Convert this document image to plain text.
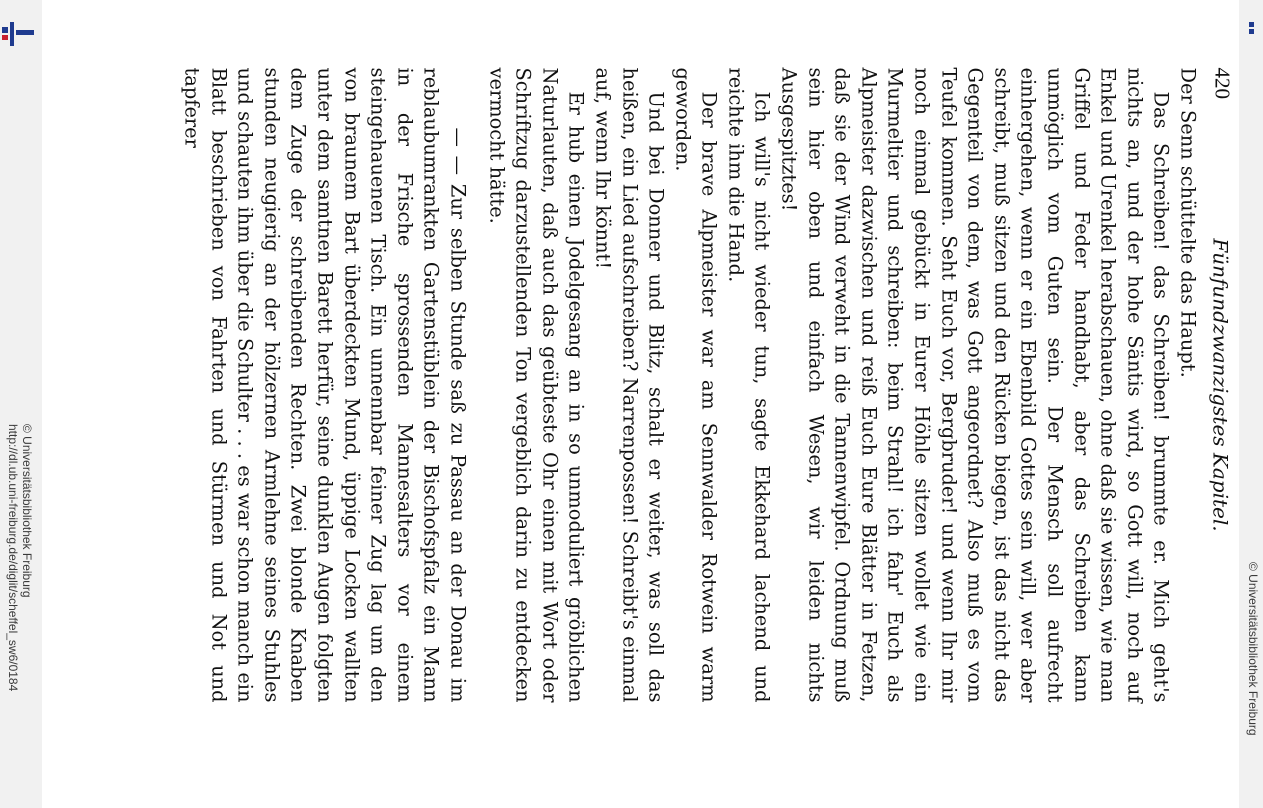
http://dl.ub.uni-freiburg.de/diglit/scheffel_sw6/0184 © Universitätsbibliothek Freiburg
© Universitätsbibliothek Freiburg
420
Fünfundzwanzigstes Kapitel.

Der Senn schüttelte das Haupt.

Das Schreiben! das Schreiben! brummte er. Mich geht's nichts an, und der hohe Säntis wird, so Gott will, noch auf Enkel und Urenkel herabschauen, ohne daß sie wissen, wie man Griffel und Feder handhabt, aber das Schreiben kann unmöglich vom Guten sein. Der Mensch soll aufrecht einhergehen, wenn er ein Ebenbild Gottes sein will, wer aber schreibt, muß sitzen und den Rücken biegen, ist das nicht das Gegenteil von dem, was Gott angeordnet? Also muß es vom Teufel kommen. Seht Euch vor, Bergbruder! und wenn Ihr mir noch einmal gebückt in Eurer Höhle sitzen wollet wie ein Murmeltier und schreiben: beim Strahl! ich fahr' Euch als Alpmeister dazwischen und reiß Euch Eure Blätter in Fetzen, daß sie der Wind verweht in die Tannenwipfel. Ordnung muß sein hier oben und einfach Wesen, wir leiden nichts Ausgespitztes!

Ich will's nicht wieder tun, sagte Ekkehard lachend und reichte ihm die Hand.

Der brave Alpmeister war am Sennwalder Rotwein warm geworden.

Und bei Donner und Blitz, schalt er weiter, was soll das heißen, ein Lied aufschreiben? Narrenpossen! Schreibt's einmal auf, wenn Ihr könnt!

Er hub einen Jodelgesang an in so unmoduliert gröblichen Naturlauten, daß auch das geübteste Ohr einen mit Wort oder Schriftzug darzustellenden Ton vergeblich darin zu entdecken vermocht hätte.

— — Zur selben Stunde saß zu Passau an der Donau im reblaubumrankten Gartenstüblein der Bischofspfalz ein Mann in der Frische sprossenden Mannesalters vor einem steingehauenen Tisch. Ein unnennbar feiner Zug lag um den von braunem Bart überdeckten Mund, üppige Locken wallten unter dem samtnen Barett herfür, seine dunklen Augen folgten dem Zuge der schreibenden Rechten. Zwei blonde Knaben stunden neugierig an der hölzernen Armlehne seines Stuhles und schauten ihm über die Schulter . . . es war schon manch ein Blatt beschrieben von Fahrten und Stürmen und Not und tapferer
